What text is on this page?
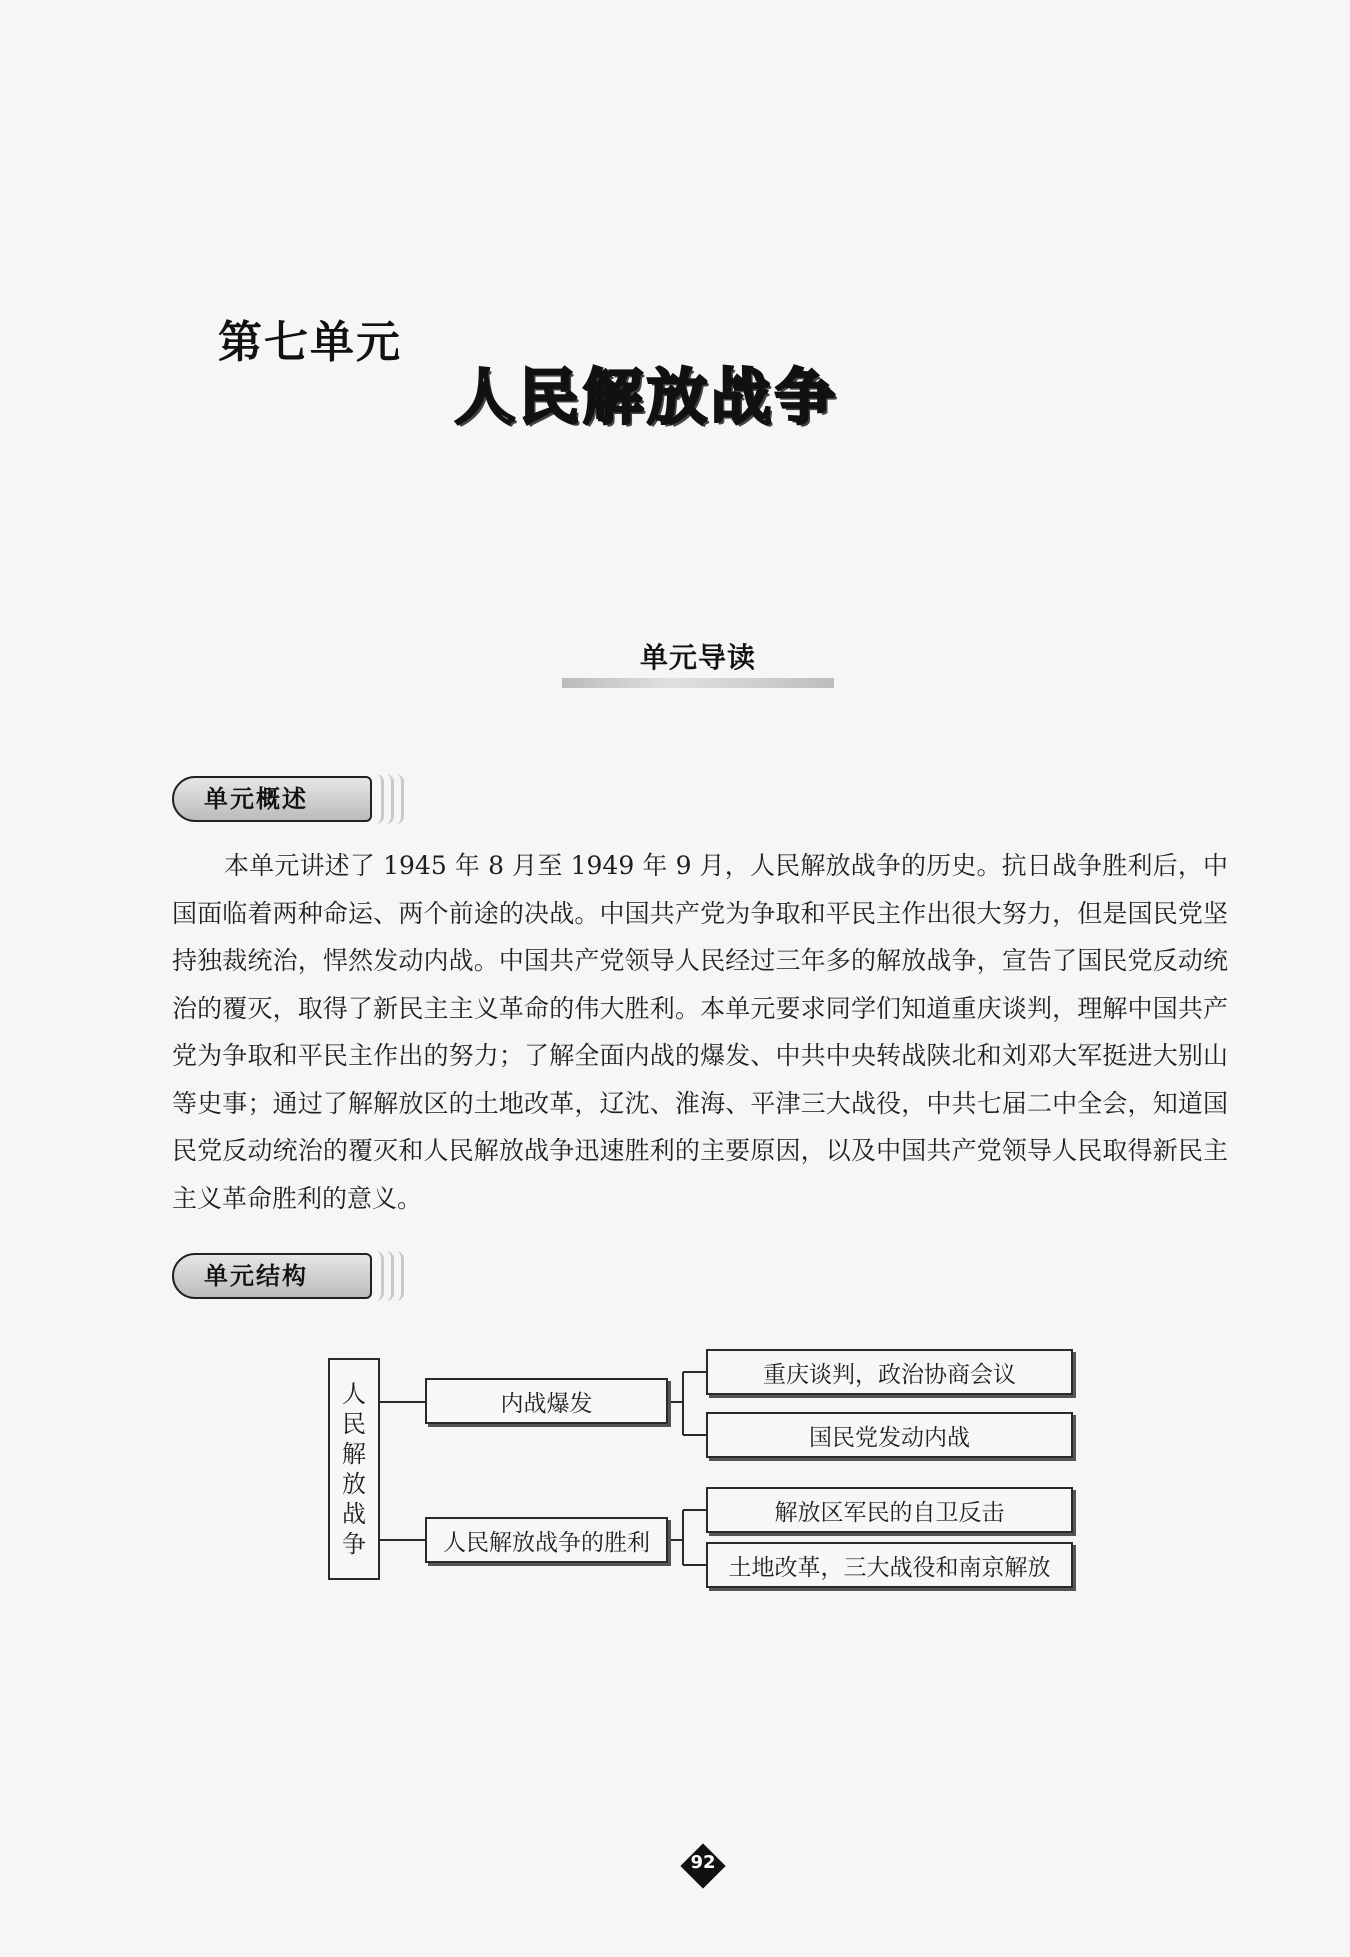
第七单元
人民解放战争
单元导读
单元概述

本单元讲述了 1945 年 8 月至 1949 年 9 月，人民解放战争的历史。抗日战争胜利后，中国面临着两种命运、两个前途的决战。中国共产党为争取和平民主作出很大努力，但是国民党坚持独裁统治，悍然发动内战。中国共产党领导人民经过三年多的解放战争，宣告了国民党反动统治的覆灭，取得了新民主主义革命的伟大胜利。本单元要求同学们知道重庆谈判，理解中国共产党为争取和平民主作出的努力；了解全面内战的爆发、中共中央转战陕北和刘邓大军挺进大别山等史事；通过了解解放区的土地改革，辽沈、淮海、平津三大战役，中共七届二中全会，知道国民党反动统治的覆灭和人民解放战争迅速胜利的主要原因，以及中国共产党领导人民取得新民主主义革命胜利的意义。

单元结构
人
民
解
放
战
争
内战爆发
人民解放战争的胜利
重庆谈判，政治协商会议
国民党发动内战
解放区军民的自卫反击
土地改革，三大战役和南京解放
92
